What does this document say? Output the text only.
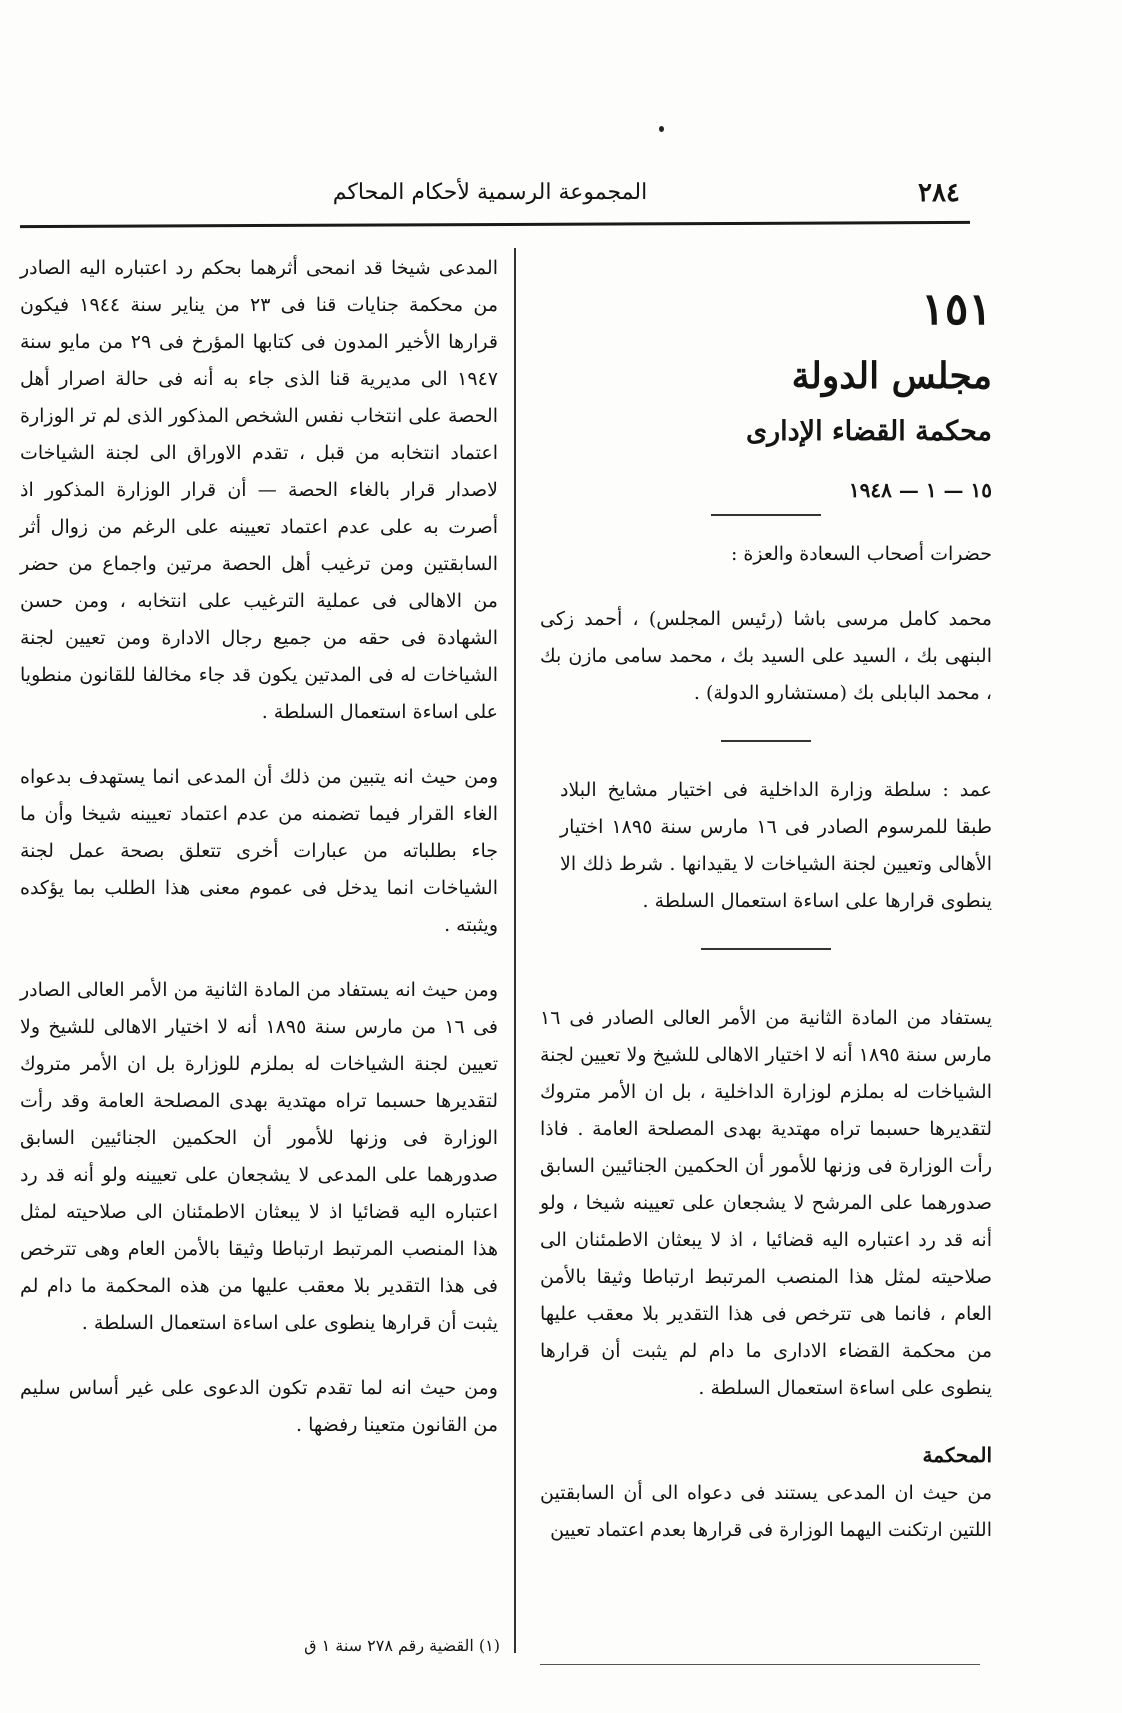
٢٨٤
المجموعة الرسمية لأحكام المحاكم
١٥١
مجلس الدولة
محكمة القضاء الإدارى
١٥ — ١ — ١٩٤٨

حضرات أصحاب السعادة والعزة :

محمد كامل مرسى باشا (رئيس المجلس) ، أحمد زكى البنهى بك ، السيد على السيد بك ، محمد سامى مازن بك ، محمد البابلى بك (مستشارو الدولة) .

عمد : سلطة وزارة الداخلية فى اختيار مشايخ البلاد طبقا للمرسوم الصادر فى ١٦ مارس سنة ١٨٩٥ اختيار الأهالى وتعيين لجنة الشياخات لا يقيدانها . شرط ذلك الا ينطوى قرارها على اساءة استعمال السلطة .

يستفاد من المادة الثانية من الأمر العالى الصادر فى ١٦ مارس سنة ١٨٩٥ أنه لا اختيار الاهالى للشيخ ولا تعيين لجنة الشياخات له بملزم لوزارة الداخلية ، بل ان الأمر متروك لتقديرها حسبما تراه مهتدية بهدى المصلحة العامة . فاذا رأت الوزارة فى وزنها للأمور أن الحكمين الجنائيين السابق صدورهما على المرشح لا يشجعان على تعيينه شيخا ، ولو أنه قد رد اعتباره اليه قضائيا ، اذ لا يبعثان الاطمئنان الى صلاحيته لمثل هذا المنصب المرتبط ارتباطا وثيقا بالأمن العام ، فانما هى تترخص فى هذا التقدير بلا معقب عليها من محكمة القضاء الادارى ما دام لم يثبت أن قرارها ينطوى على اساءة استعمال السلطة .

المحكمة

من حيث ان المدعى يستند فى دعواه الى أن السابقتين اللتين ارتكنت اليهما الوزارة فى قرارها بعدم اعتماد تعيين

المدعى شيخا قد انمحى أثرهما بحكم رد اعتباره اليه الصادر من محكمة جنايات قنا فى ٢٣ من يناير سنة ١٩٤٤ فيكون قرارها الأخير المدون فى كتابها المؤرخ فى ٢٩ من مايو سنة ١٩٤٧ الى مديرية قنا الذى جاء به أنه فى حالة اصرار أهل الحصة على انتخاب نفس الشخص المذكور الذى لم تر الوزارة اعتماد انتخابه من قبل ، تقدم الاوراق الى لجنة الشياخات لاصدار قرار بالغاء الحصة — أن قرار الوزارة المذكور اذ أصرت به على عدم اعتماد تعيينه على الرغم من زوال أثر السابقتين ومن ترغيب أهل الحصة مرتين واجماع من حضر من الاهالى فى عملية الترغيب على انتخابه ، ومن حسن الشهادة فى حقه من جميع رجال الادارة ومن تعيين لجنة الشياخات له فى المدتين يكون قد جاء مخالفا للقانون منطويا على اساءة استعمال السلطة .

ومن حيث انه يتبين من ذلك أن المدعى انما يستهدف بدعواه الغاء القرار فيما تضمنه من عدم اعتماد تعيينه شيخا وأن ما جاء بطلباته من عبارات أخرى تتعلق بصحة عمل لجنة الشياخات انما يدخل فى عموم معنى هذا الطلب بما يؤكده ويثبته .

ومن حيث انه يستفاد من المادة الثانية من الأمر العالى الصادر فى ١٦ من مارس سنة ١٨٩٥ أنه لا اختيار الاهالى للشيخ ولا تعيين لجنة الشياخات له بملزم للوزارة بل ان الأمر متروك لتقديرها حسبما تراه مهتدية بهدى المصلحة العامة وقد رأت الوزارة فى وزنها للأمور أن الحكمين الجنائيين السابق صدورهما على المدعى لا يشجعان على تعيينه ولو أنه قد رد اعتباره اليه قضائيا اذ لا يبعثان الاطمئنان الى صلاحيته لمثل هذا المنصب المرتبط ارتباطا وثيقا بالأمن العام وهى تترخص فى هذا التقدير بلا معقب عليها من هذه المحكمة ما دام لم يثبت أن قرارها ينطوى على اساءة استعمال السلطة .

ومن حيث انه لما تقدم تكون الدعوى على غير أساس سليم من القانون متعينا رفضها .

(١) القضية رقم ٢٧٨ سنة ١ ق
